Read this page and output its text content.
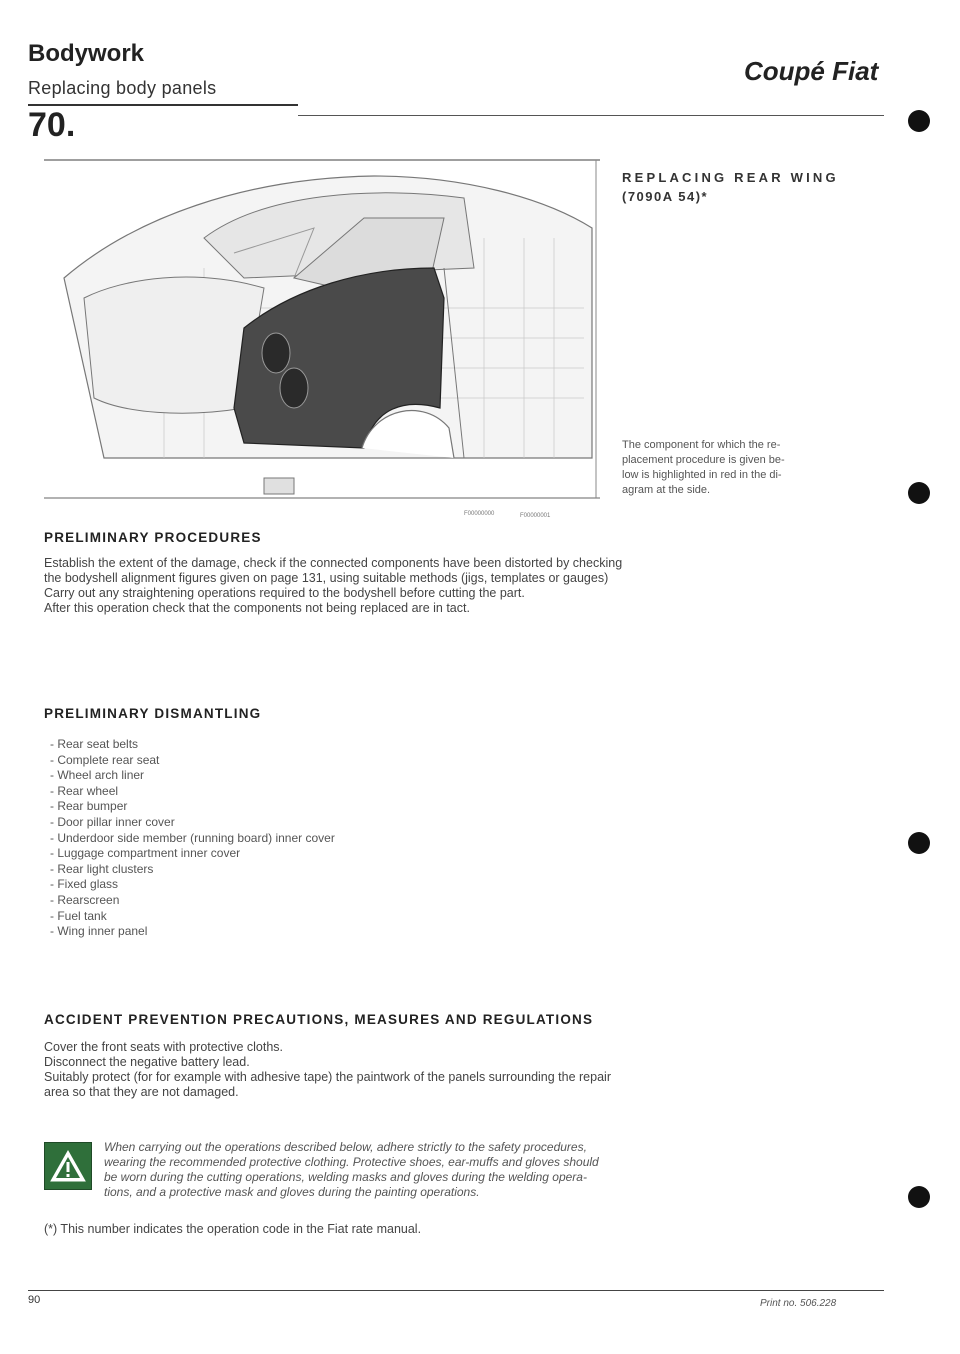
Bodywork
Replacing body panels
Coupé Fiat
70.
F00000000	F00000001
REPLACING REAR WING
(7090A 54)*
The component for which the re-
placement procedure is given be-
low is highlighted in red in the di-
agram at the side.
PRELIMINARY PROCEDURES
Establish the extent of the damage, check if the connected components have been distorted by checking
the bodyshell alignment figures given on page 131, using suitable methods (jigs, templates or gauges)
Carry out any straightening operations required to the bodyshell before cutting the part.
After this operation check that the components not being replaced are in tact.
PRELIMINARY DISMANTLING
- Rear seat belts
- Complete rear seat
- Wheel arch liner
- Rear wheel
- Rear bumper
- Door pillar inner cover
- Underdoor side member (running board) inner cover
- Luggage compartment inner cover
- Rear light clusters
- Fixed glass
- Rearscreen
- Fuel tank
- Wing inner panel
ACCIDENT PREVENTION PRECAUTIONS, MEASURES AND REGULATIONS
Cover the front seats with protective cloths.
Disconnect the negative battery lead.
Suitably protect (for for example with adhesive tape) the paintwork of the panels surrounding the repair
area so that they are not damaged.
When carrying out the operations described below, adhere strictly to the safety procedures,
wearing the recommended protective clothing. Protective shoes, ear-muffs and gloves should
be worn during the cutting operations, welding masks and gloves during the welding opera-
tions, and a protective mask and gloves during the painting operations.
(*) This number indicates the operation code in the Fiat rate manual.
90	Print no. 506.228
